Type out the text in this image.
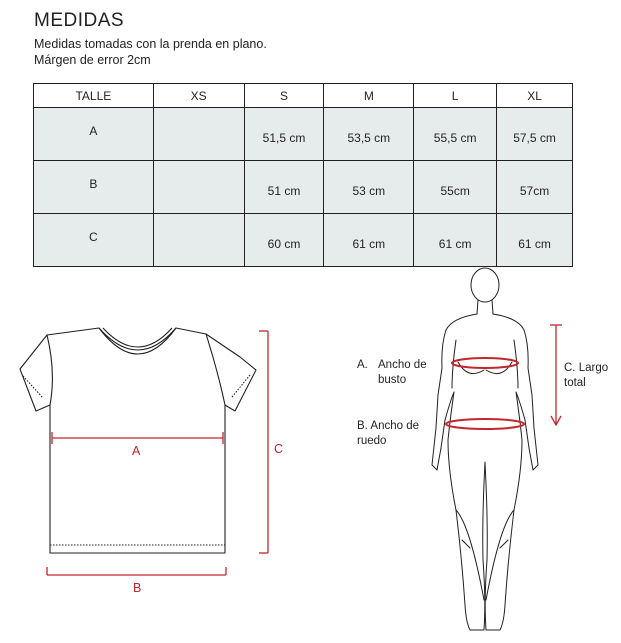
MEDIDAS
Medidas tomadas con la prenda en plano.
Márgen de error 2cm
TALLE	XS	S	M	L	XL
A		51,5 cm	53,5 cm	55,5 cm	57,5 cm
B		51 cm	53 cm	55cm	57cm
C		60 cm	61 cm	61 cm	61 cm
A
B
C
A. Ancho de busto
B. Ancho de ruedo
C. Largo total
